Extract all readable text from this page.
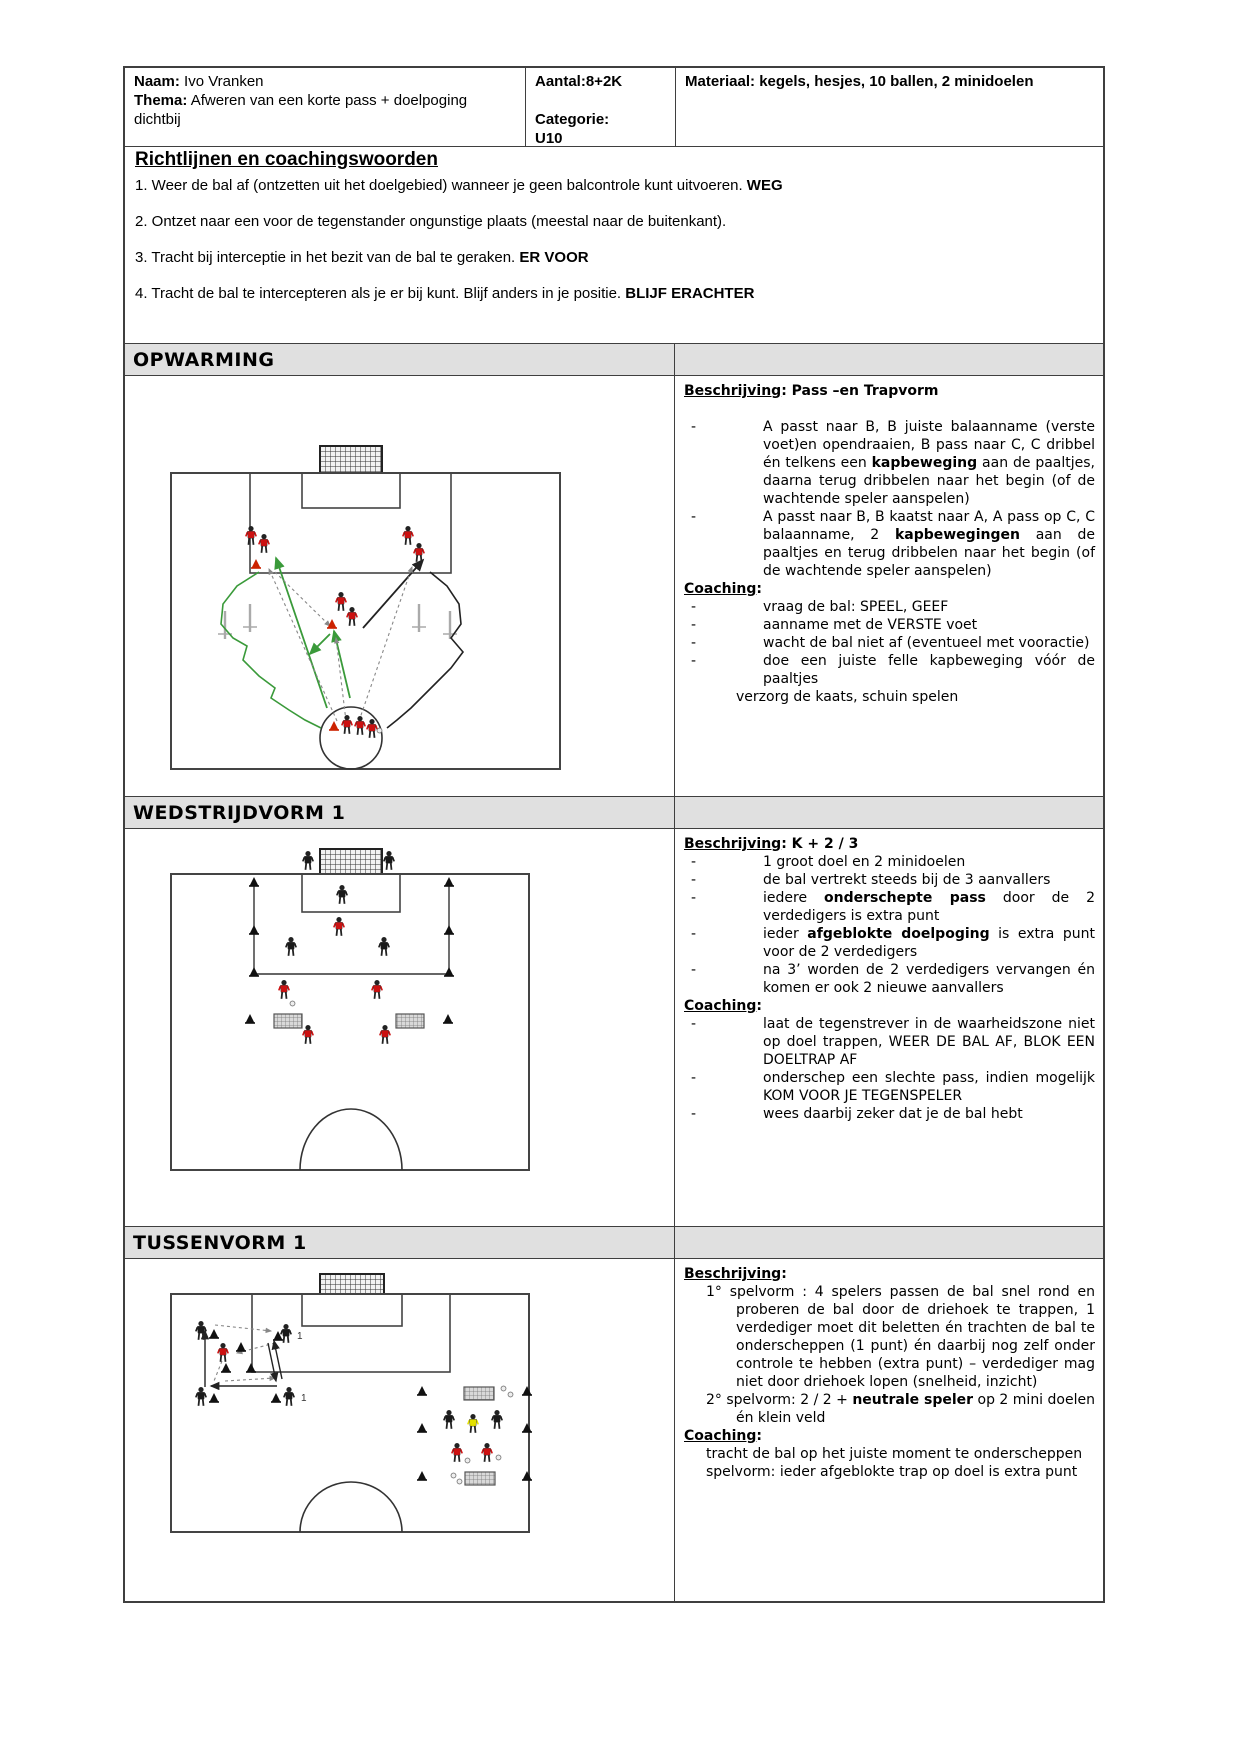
Naam: Ivo Vranken
Thema: Afweren van een korte pass + doelpoging dichtbij
Aantal:8+2K
Categorie:
U10
Materiaal: kegels, hesjes, 10 ballen, 2 minidoelen

Richtlijnen en coachingswoorden

1. Weer de bal af (ontzetten uit het doelgebied) wanneer je geen balcontrole kunt uitvoeren. WEG
2. Ontzet naar een voor de tegenstander ongunstige plaats (meestal naar de buitenkant).
3. Tracht bij interceptie in het bezit van de bal te geraken. ER VOOR
4. Tracht de bal te intercepteren als je er bij kunt. Blijf anders in je positie. BLIJF ERACHTER
OPWARMING

Beschrijving: Pass –en Trapvorm

-	A passt naar B, B juiste balaanname (verste voet)en opendraaien, B pass naar C, C dribbel én telkens een kapbeweging aan de paaltjes, daarna terug dribbelen naar het begin (of de wachtende speler aanspelen)
-	A passt naar B, B kaatst naar A, A pass op C, C balaanname, 2 kapbewegingen aan de paaltjes en terug dribbelen naar het begin (of de wachtende speler aanspelen)

Coaching:

-	vraag de bal: SPEEL, GEEF
-	aanname met de VERSTE voet
-	wacht de bal niet af (eventueel met vooractie)
-	doe een juiste felle kapbeweging vóór de paaltjes
verzorg de kaats, schuin spelen
WEDSTRIJDVORM 1

Beschrijving: K + 2 / 3

-	1 groot doel en 2 minidoelen
-	de bal vertrekt steeds bij de 3 aanvallers
-	iedere onderschepte pass door de 2 verdedigers is extra punt
-	ieder afgeblokte doelpoging is extra punt voor de 2 verdedigers
-	na 3’ worden de 2 verdedigers vervangen én komen er ook 2 nieuwe aanvallers

Coaching:

-	laat de tegenstrever in de waarheidszone niet op doel trappen, WEER DE BAL AF, BLOK EEN DOELTRAP AF
-	onderschep een slechte pass, indien mogelijk KOM VOOR JE TEGENSPELER
-	wees daarbij zeker dat je de bal hebt
TUSSENVORM 1
1
1

Beschrijving:

1° spelvorm : 4 spelers passen de bal snel rond en proberen de bal door de driehoek te trappen, 1 verdediger moet dit beletten én trachten de bal te onderscheppen (1 punt) én daarbij nog zelf onder controle te hebben (extra punt) – verdediger mag niet door driehoek lopen (snelheid, inzicht)
2° spelvorm: 2 / 2 + neutrale speler op 2 mini doelen én klein veld

Coaching:

tracht de bal op het juiste moment te onderscheppen
spelvorm: ieder afgeblokte trap op doel is extra punt
